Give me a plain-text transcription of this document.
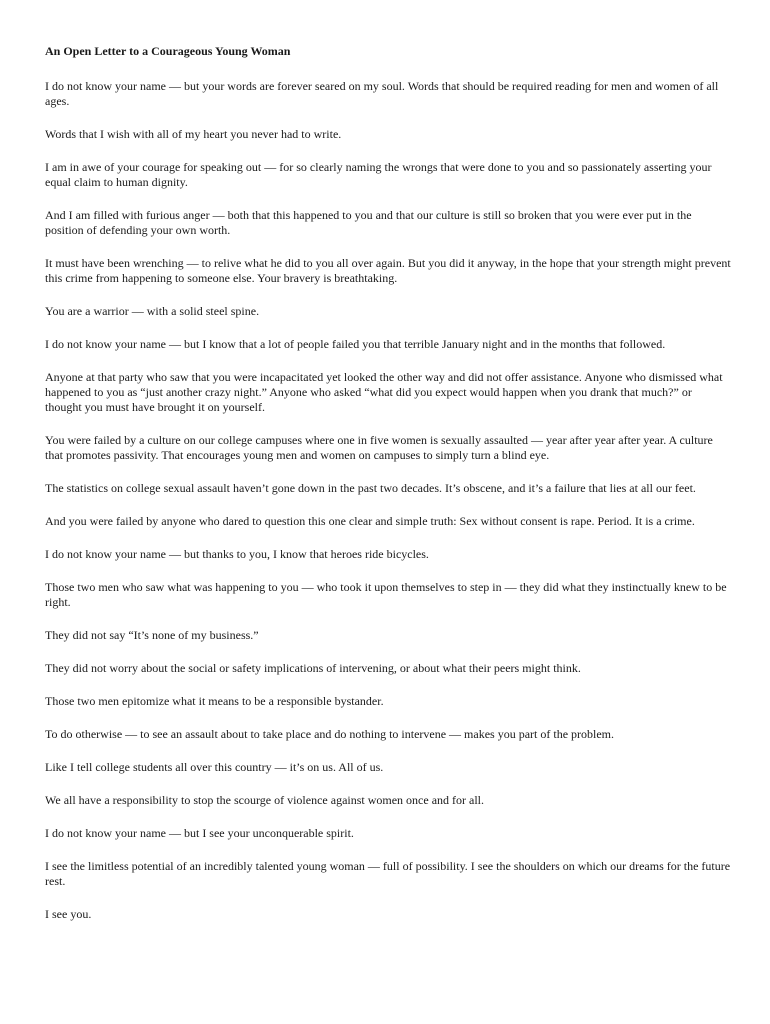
An Open Letter to a Courageous Young Woman
I do not know your name — but your words are forever seared on my soul. Words that should be required reading for men and women of all ages.
Words that I wish with all of my heart you never had to write.
I am in awe of your courage for speaking out — for so clearly naming the wrongs that were done to you and so passionately asserting your equal claim to human dignity.
And I am filled with furious anger — both that this happened to you and that our culture is still so broken that you were ever put in the position of defending your own worth.
It must have been wrenching — to relive what he did to you all over again. But you did it anyway, in the hope that your strength might prevent this crime from happening to someone else. Your bravery is breathtaking.
You are a warrior — with a solid steel spine.
I do not know your name — but I know that a lot of people failed you that terrible January night and in the months that followed.
Anyone at that party who saw that you were incapacitated yet looked the other way and did not offer assistance. Anyone who dismissed what happened to you as “just another crazy night.” Anyone who asked “what did you expect would happen when you drank that much?” or thought you must have brought it on yourself.
You were failed by a culture on our college campuses where one in five women is sexually assaulted — year after year after year. A culture that promotes passivity. That encourages young men and women on campuses to simply turn a blind eye.
The statistics on college sexual assault haven’t gone down in the past two decades. It’s obscene, and it’s a failure that lies at all our feet.
And you were failed by anyone who dared to question this one clear and simple truth: Sex without consent is rape. Period. It is a crime.
I do not know your name — but thanks to you, I know that heroes ride bicycles.
Those two men who saw what was happening to you — who took it upon themselves to step in — they did what they instinctually knew to be right.
They did not say “It’s none of my business.”
They did not worry about the social or safety implications of intervening, or about what their peers might think.
Those two men epitomize what it means to be a responsible bystander.
To do otherwise — to see an assault about to take place and do nothing to intervene — makes you part of the problem.
Like I tell college students all over this country — it’s on us. All of us.
We all have a responsibility to stop the scourge of violence against women once and for all.
I do not know your name — but I see your unconquerable spirit.
I see the limitless potential of an incredibly talented young woman — full of possibility. I see the shoulders on which our dreams for the future rest.
I see you.
